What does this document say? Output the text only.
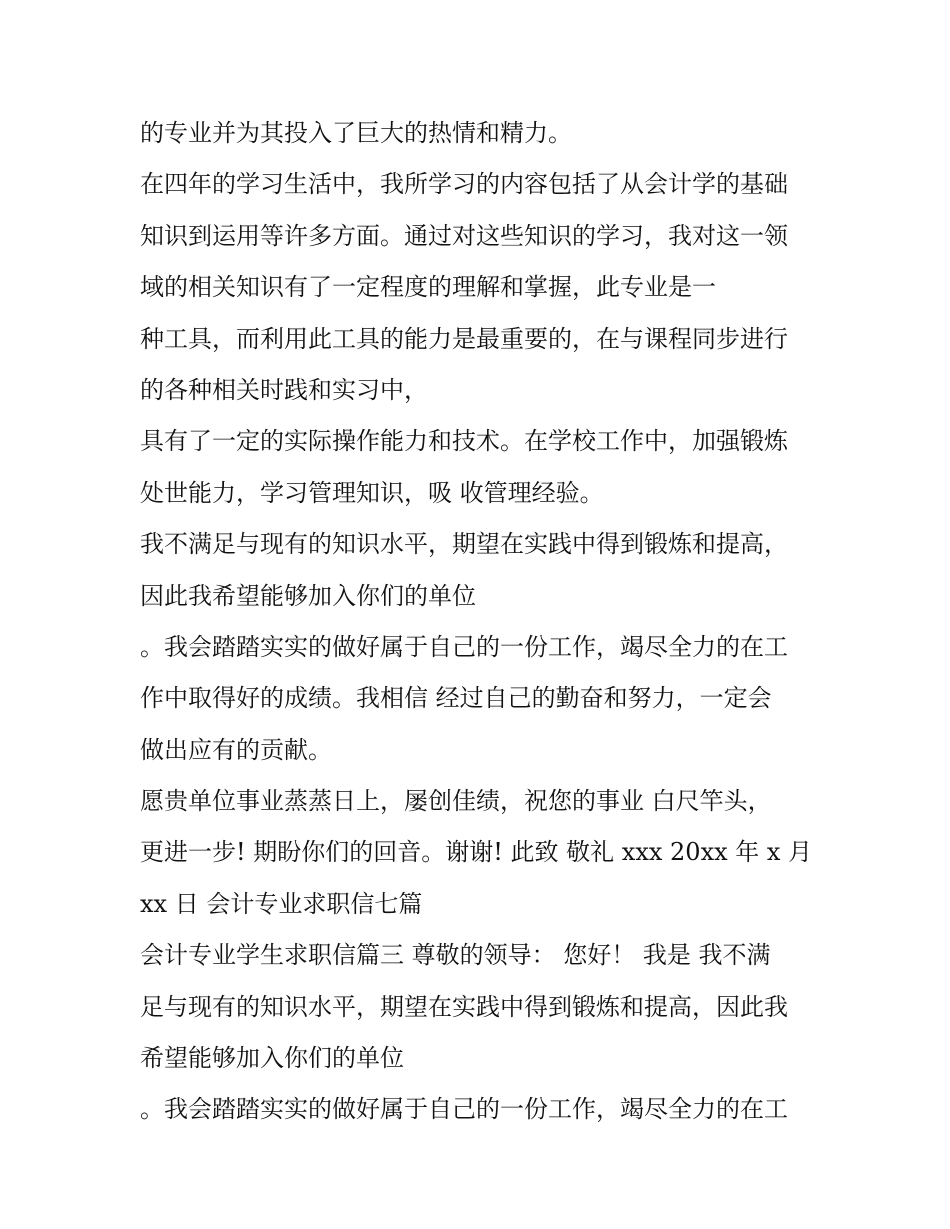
的专业并为其投入了巨大的热情和精力。
在四年的学习生活中，我所学习的内容包括了从会计学的基础
知识到运用等许多方面。通过对这些知识的学习，我对这一领
域的相关知识有了一定程度的理解和掌握，此专业是一
种工具，而利用此工具的能力是最重要的，在与课程同步进行
的各种相关时践和实习中，
具有了一定的实际操作能力和技术。在学校工作中，加强锻炼
处世能力，学习管理知识，吸 收管理经验。
我不满足与现有的知识水平，期望在实践中得到锻炼和提高，
因此我希望能够加入你们的单位
。我会踏踏实实的做好属于自己的一份工作，竭尽全力的在工
作中取得好的成绩。我相信 经过自己的勤奋和努力，一定会
做出应有的贡献。
愿贵单位事业蒸蒸日上，屡创佳绩，祝您的事业 白尺竿头，
更进一步! 期盼你们的回音。谢谢! 此致 敬礼 xxx 20xx 年 x 月
xx 日 会计专业求职信七篇
会计专业学生求职信篇三 尊敬的领导： 您好！ 我是 我不满
足与现有的知识水平，期望在实践中得到锻炼和提高，因此我
希望能够加入你们的单位
。我会踏踏实实的做好属于自己的一份工作，竭尽全力的在工
